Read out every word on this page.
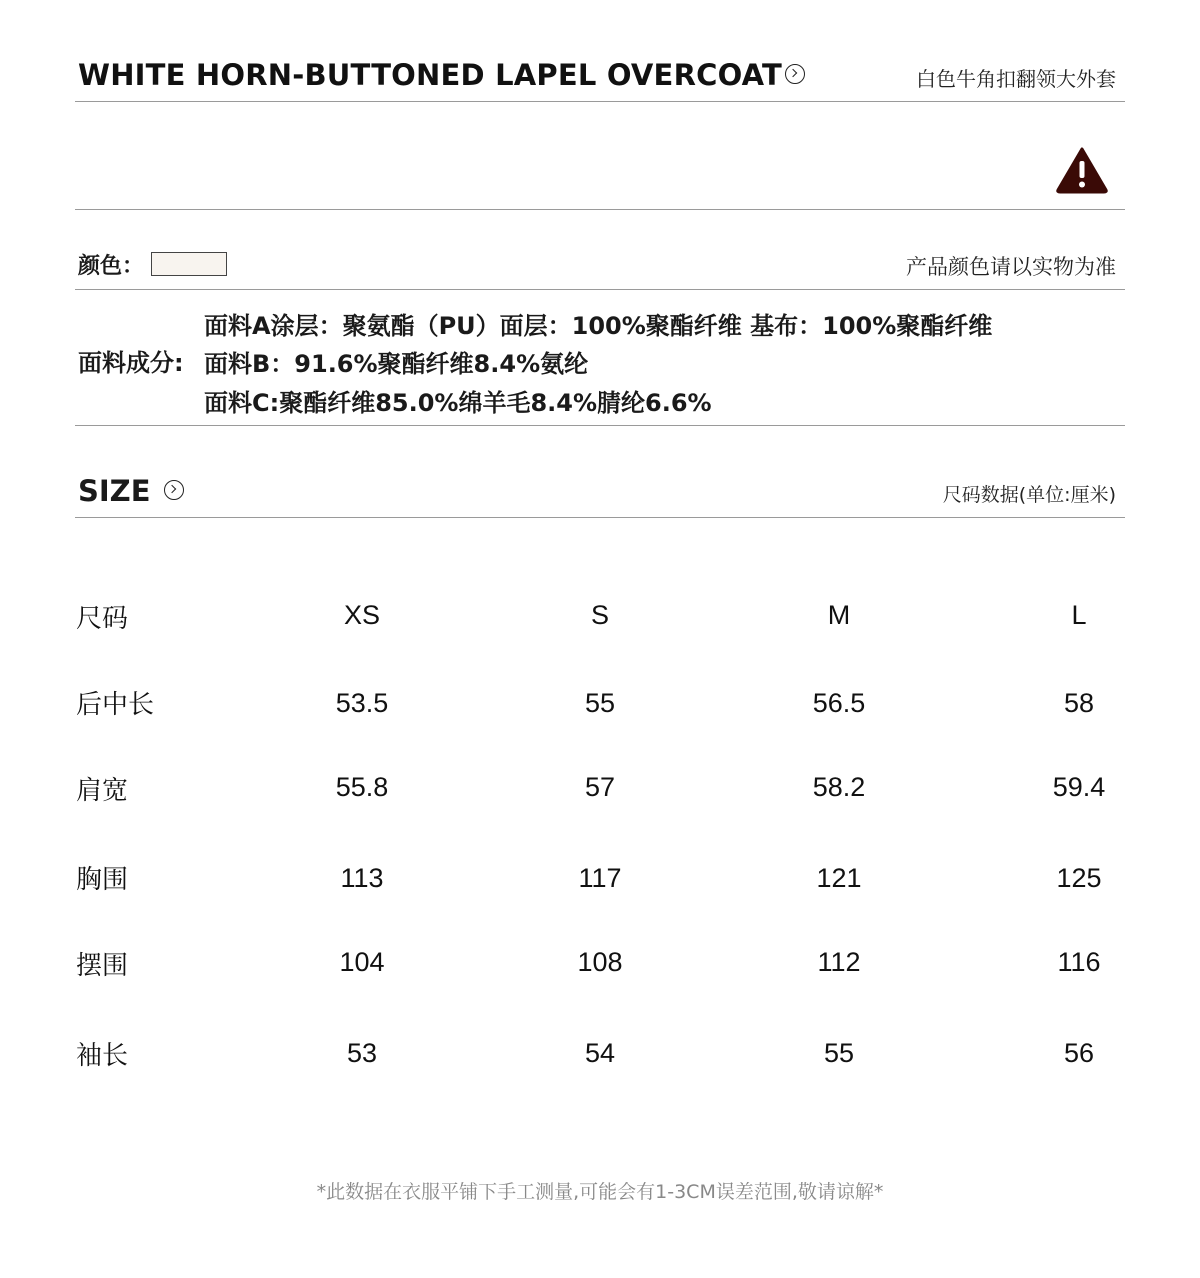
WHITE HORN-BUTTONED LAPEL OVERCOAT	白色牛角扣翻领大外套
颜色：	产品颜色请以实物为准
面料成分:
面料A涂层：聚氨酯（PU）面层：100%聚酯纤维 基布：100%聚酯纤维
面料B：91.6%聚酯纤维8.4%氨纶
面料C:聚酯纤维85.0%绵羊毛8.4%腈纶6.6%
SIZE	尺码数据(单位:厘米)
尺码	XS	S	M	L
后中长	53.5	55	56.5	58
肩宽	55.8	57	58.2	59.4
胸围	113	117	121	125
摆围	104	108	112	116
袖长	53	54	55	56
*此数据在衣服平铺下手工测量,可能会有1-3CM误差范围,敬请谅解*
